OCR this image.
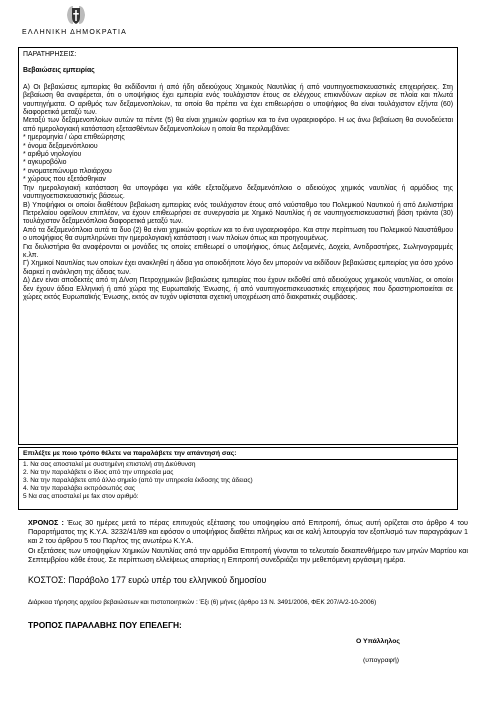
ΕΛΛΗΝΙΚΗ ΔΗΜΟΚΡΑΤΙΑ

ΠΑΡΑΤΗΡΗΣΕΙΣ:

Βεβαιώσεις εμπειρίας

Α) Οι βεβαιώσεις εμπειρίας θα εκδίδονται ή από ήδη αδειούχους Χημικούς Ναυτιλίας ή από ναυπηγοεπισκευαστικές επιχειρήσεις. Στη βεβαίωση θα αναφέρεται, ότι ο υποψήφιος έχει εμπειρία ενός τουλάχιστον έτους σε ελέγχους επικινδύνων αερίων σε πλοία και πλωτά ναυπηγήματα. Ο αριθμός των δεξαμενοπλοίων, τα οποία θα πρέπει να έχει επιθεωρήσει ο υποψήφιος θα είναι τουλάχιστον εξήντα (60) διαφορετικά μεταξύ των.

Μεταξύ των δεξαμενοπλοίων αυτών τα πέντε (5) θα είναι χημικών φορτίων και το ένα υγραεριοφόρο. Η ως άνω βεβαίωση θα συνοδεύεται από ημερολογιακή κατάσταση εξετασθέντων δεξαμενοπλοίων η οποία θα περιλαμβάνει:

* ημερομηνία / ώρα επιθεώρησης

* όνομα δεξαμενόπλοιου

* αριθμό νηολογίου

* αγκυροβόλιο

* ονοματεπώνυμο πλοιάρχου

* χώρους που εξετάσθηκαν

Την ημερολογιακή κατάσταση θα υπογράφει για κάθε εξεταζόμενο δεξαμενόπλοιο ο αδειούχος χημικός ναυτιλίας ή αρμόδιος της ναυπηγοεπισκευαστικής βάσεως.

Β) Υποψήφιοι οι οποίοι διαθέτουν βεβαίωση εμπειρίας ενός τουλάχιστον έτους από ναύσταθμο του Πολεμικού Ναυτικού ή από Διυλιστήρια Πετρελαίου οφείλουν επιπλέον, να έχουν επιθεωρήσει σε συνεργασία με Χημικό Ναυτιλίας ή σε ναυπηγοεπισκευαστική βάση τριάντα (30) τουλάχιστον δεξαμενόπλοια διαφορετικά μεταξύ των.

Από τα δεξαμενόπλοια αυτά τα δυο (2) θα είναι χημικών φορτίων και το ένα υγραεριοφόρο. Και στην περίπτωση του Πολεμικού Ναυστάθμου ο υποψήφιος θα συμπληρώνει την ημερολογιακή κατάσταση ι νων πλοίων όπως και προηγουμένως.

Για διυλιστήρια θα αναφέρονται οι μονάδες τις οποίες επιθεωρεί ο υποψήφιος, όπως Δεξαμενές, Δοχεία, Αντιδραστήρες, Σωληνογραμμές κ.λπ.

Γ) Χημικοί Ναυτιλίας των οποίων έχει ανακληθεί η άδεια για οποιοδήποτε λόγο δεν μπορούν να εκδίδουν βεβαιώσεις εμπειρίας για όσο χρόνο διαρκεί η ανάκληση της άδειας των.

Δ) Δεν είναι αποδεκτές από τη Δ/νση Πετροχημικών βεβαιώσεις εμπειρίας που έχουν εκδοθεί από αδειούχους χημικούς ναυτιλίας, οι οποίοι δεν έχουν άδεια Ελληνική ή από χώρα της Ευρωπαϊκής Ένωσης, ή από ναυπηγοεπισκευαστικές επιχειρήσεις που δραστηριοποιείται σε χώρες εκτός Ευρωπαϊκής Ένωσης, εκτός αν τυχόν υφίσταται σχετική υποχρέωση από διακρατικές συμβάσεις.

Επιλέξτε με ποιο τρόπο θέλετε να παραλάβετε την απάντησή σας:
1. Να σας αποσταλεί με συστημένη επιστολή στη Διεύθυνση
2. Να την παραλάβετε ο ίδιος από την υπηρεσία μας
3. Να την παραλάβετε από άλλο σημείο (από την υπηρεσία έκδοσης της άδειας)
4. Να την παραλάβει εκπρόσωπός σας
5 Να σας αποσταλεί με fax στον αριθμό:

ΧΡΟΝΟΣ : Έως 30 ημέρες μετά το πέρας επιτυχούς εξέτασης του υποψηφίου από Επιτροπή, όπως αυτή ορίζεται στο άρθρο 4 του Παραρτήματος της Κ.Υ.Α. 3232/41/89 και εφόσον ο υποψήφιος διαθέτει πλήρως και σε καλή λειτουργία τον εξοπλισμό των παραγράφων 1 και 2 του άρθρου 5 του Παρ/τος της ανωτέρω Κ.Υ.Α.

Οι εξετάσεις των υποψηφίων Χημικών Ναυτιλίας από την αρμόδια Επιτροπή γίνονται το τελευταίο δεκαπενθήμερο των μηνών Μαρτίου και Σεπτεμβρίου κάθε έτους. Σε περίπτωση ελλείψεως απαρτίας η Επιτροπή συνεδριάζει την μεθεπόμενη εργάσιμη ημέρα.

ΚΟΣΤΟΣ: Παράβολο 177 ευρώ υπέρ του ελληνικού δημοσίου
Διάρκεια τήρησης αρχείου βεβαιώσεων και πιστοποιητικών : Έξι (6) μήνες (άρθρο 13 Ν. 3491/2006, ΦΕΚ 207/Α/2-10-2006)
ΤΡΟΠΟΣ ΠΑΡΑΛΑΒΗΣ ΠΟΥ ΕΠΕΛΕΓΗ:
Ο Υπάλληλος
(υπογραφή)
